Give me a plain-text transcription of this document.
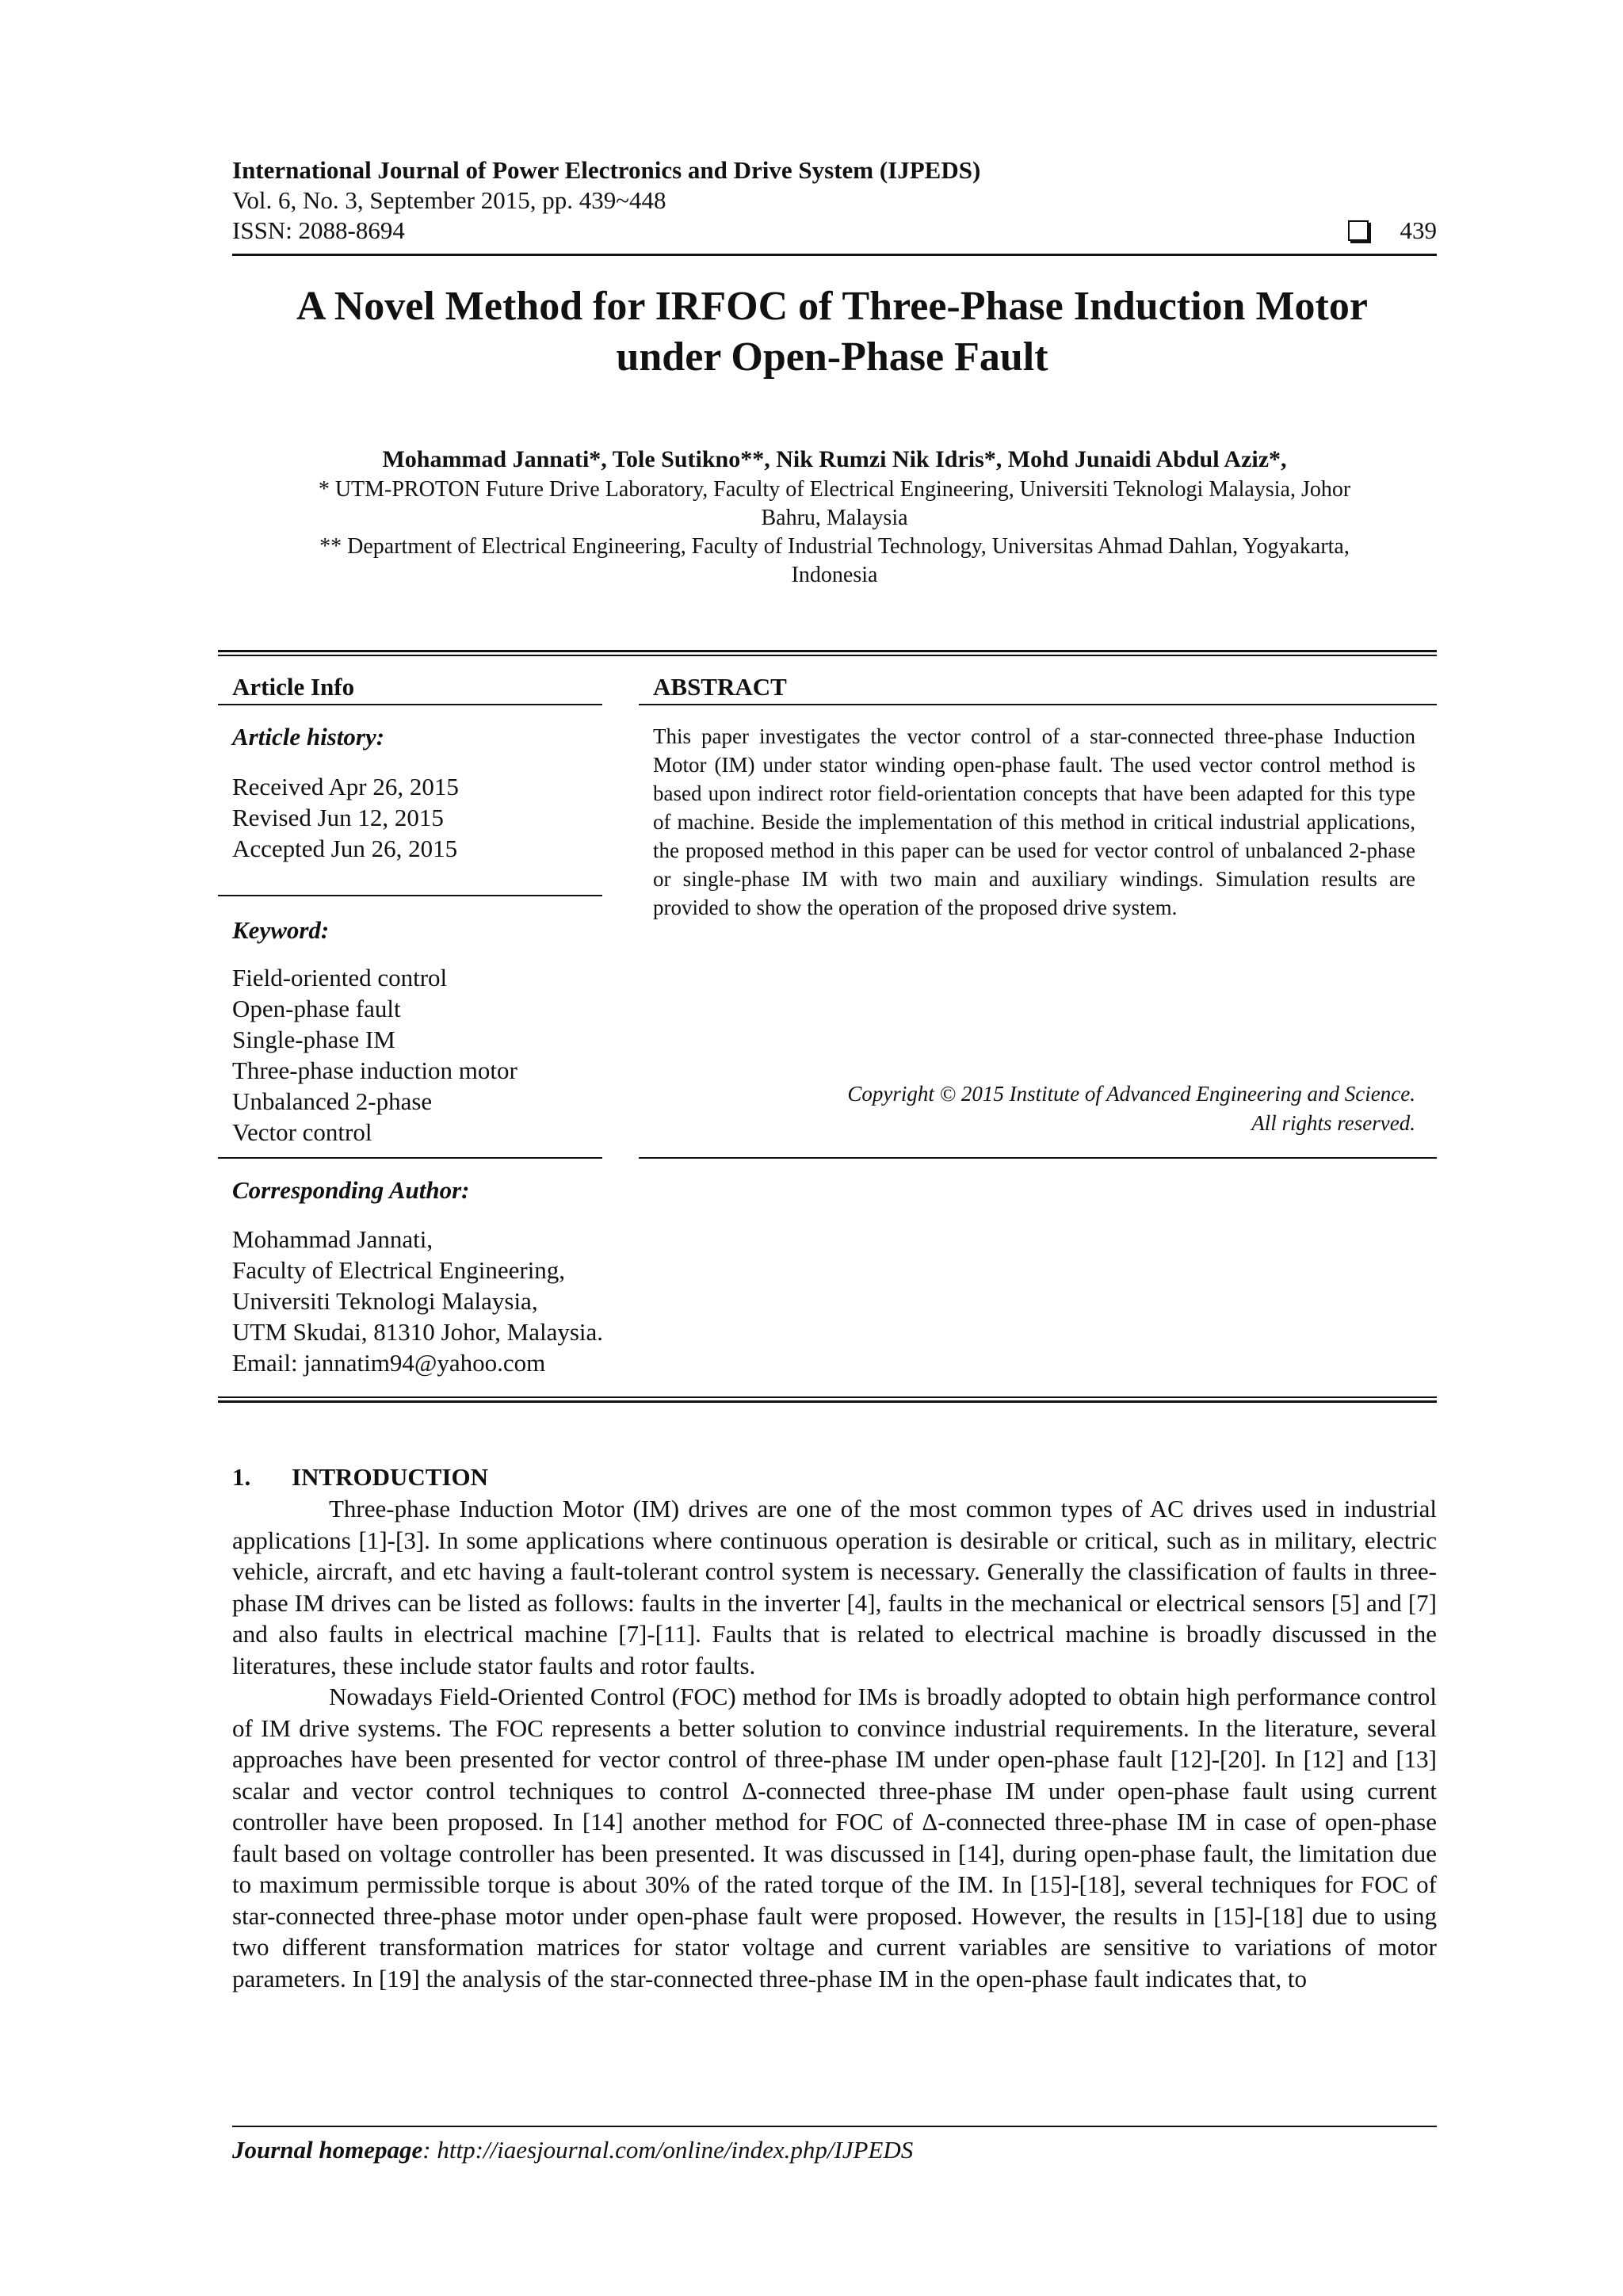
International Journal of Power Electronics and Drive System (IJPEDS)
Vol. 6, No. 3, September 2015, pp. 439~448
ISSN: 2088-8694	439
A Novel Method for IRFOC of Three-Phase Induction Motor
under Open-Phase Fault
Mohammad Jannati*, Tole Sutikno**, Nik Rumzi Nik Idris*, Mohd Junaidi Abdul Aziz*,
* UTM-PROTON Future Drive Laboratory, Faculty of Electrical Engineering, Universiti Teknologi Malaysia, Johor
Bahru, Malaysia
** Department of Electrical Engineering, Faculty of Industrial Technology, Universitas Ahmad Dahlan, Yogyakarta,
Indonesia
Article Info
Article history:
Received Apr 26, 2015
Revised Jun 12, 2015
Accepted Jun 26, 2015
Keyword:
Field-oriented control
Open-phase fault
Single-phase IM
Three-phase induction motor
Unbalanced 2-phase
Vector control
Corresponding Author:
Mohammad Jannati,
Faculty of Electrical Engineering,
Universiti Teknologi Malaysia,
UTM Skudai, 81310 Johor, Malaysia.
Email: jannatim94@yahoo.com
ABSTRACT
This paper investigates the vector control of a star-connected three-phase Induction Motor (IM) under stator winding open-phase fault. The used vector control method is based upon indirect rotor field-orientation concepts that have been adapted for this type of machine. Beside the implementation of this method in critical industrial applications, the proposed method in this paper can be used for vector control of unbalanced 2-phase or single-phase IM with two main and auxiliary windings. Simulation results are provided to show the operation of the proposed drive system.
Copyright © 2015 Institute of Advanced Engineering and Science.
All rights reserved.
1. INTRODUCTION

Three-phase Induction Motor (IM) drives are one of the most common types of AC drives used in industrial applications [1]-[3]. In some applications where continuous operation is desirable or critical, such as in military, electric vehicle, aircraft, and etc having a fault-tolerant control system is necessary. Generally the classification of faults in three-phase IM drives can be listed as follows: faults in the inverter [4], faults in the mechanical or electrical sensors [5] and [7] and also faults in electrical machine [7]-[11]. Faults that is related to electrical machine is broadly discussed in the literatures, these include stator faults and rotor faults.

Nowadays Field-Oriented Control (FOC) method for IMs is broadly adopted to obtain high performance control of IM drive systems. The FOC represents a better solution to convince industrial requirements. In the literature, several approaches have been presented for vector control of three-phase IM under open-phase fault [12]-[20]. In [12] and [13] scalar and vector control techniques to control Δ-connected three-phase IM under open-phase fault using current controller have been proposed. In [14] another method for FOC of Δ-connected three-phase IM in case of open-phase fault based on voltage controller has been presented. It was discussed in [14], during open-phase fault, the limitation due to maximum permissible torque is about 30% of the rated torque of the IM. In [15]-[18], several techniques for FOC of star-connected three-phase motor under open-phase fault were proposed. However, the results in [15]-[18] due to using two different transformation matrices for stator voltage and current variables are sensitive to variations of motor parameters. In [19] the analysis of the star-connected three-phase IM in the open-phase fault indicates that, to

Journal homepage: http://iaesjournal.com/online/index.php/IJPEDS
